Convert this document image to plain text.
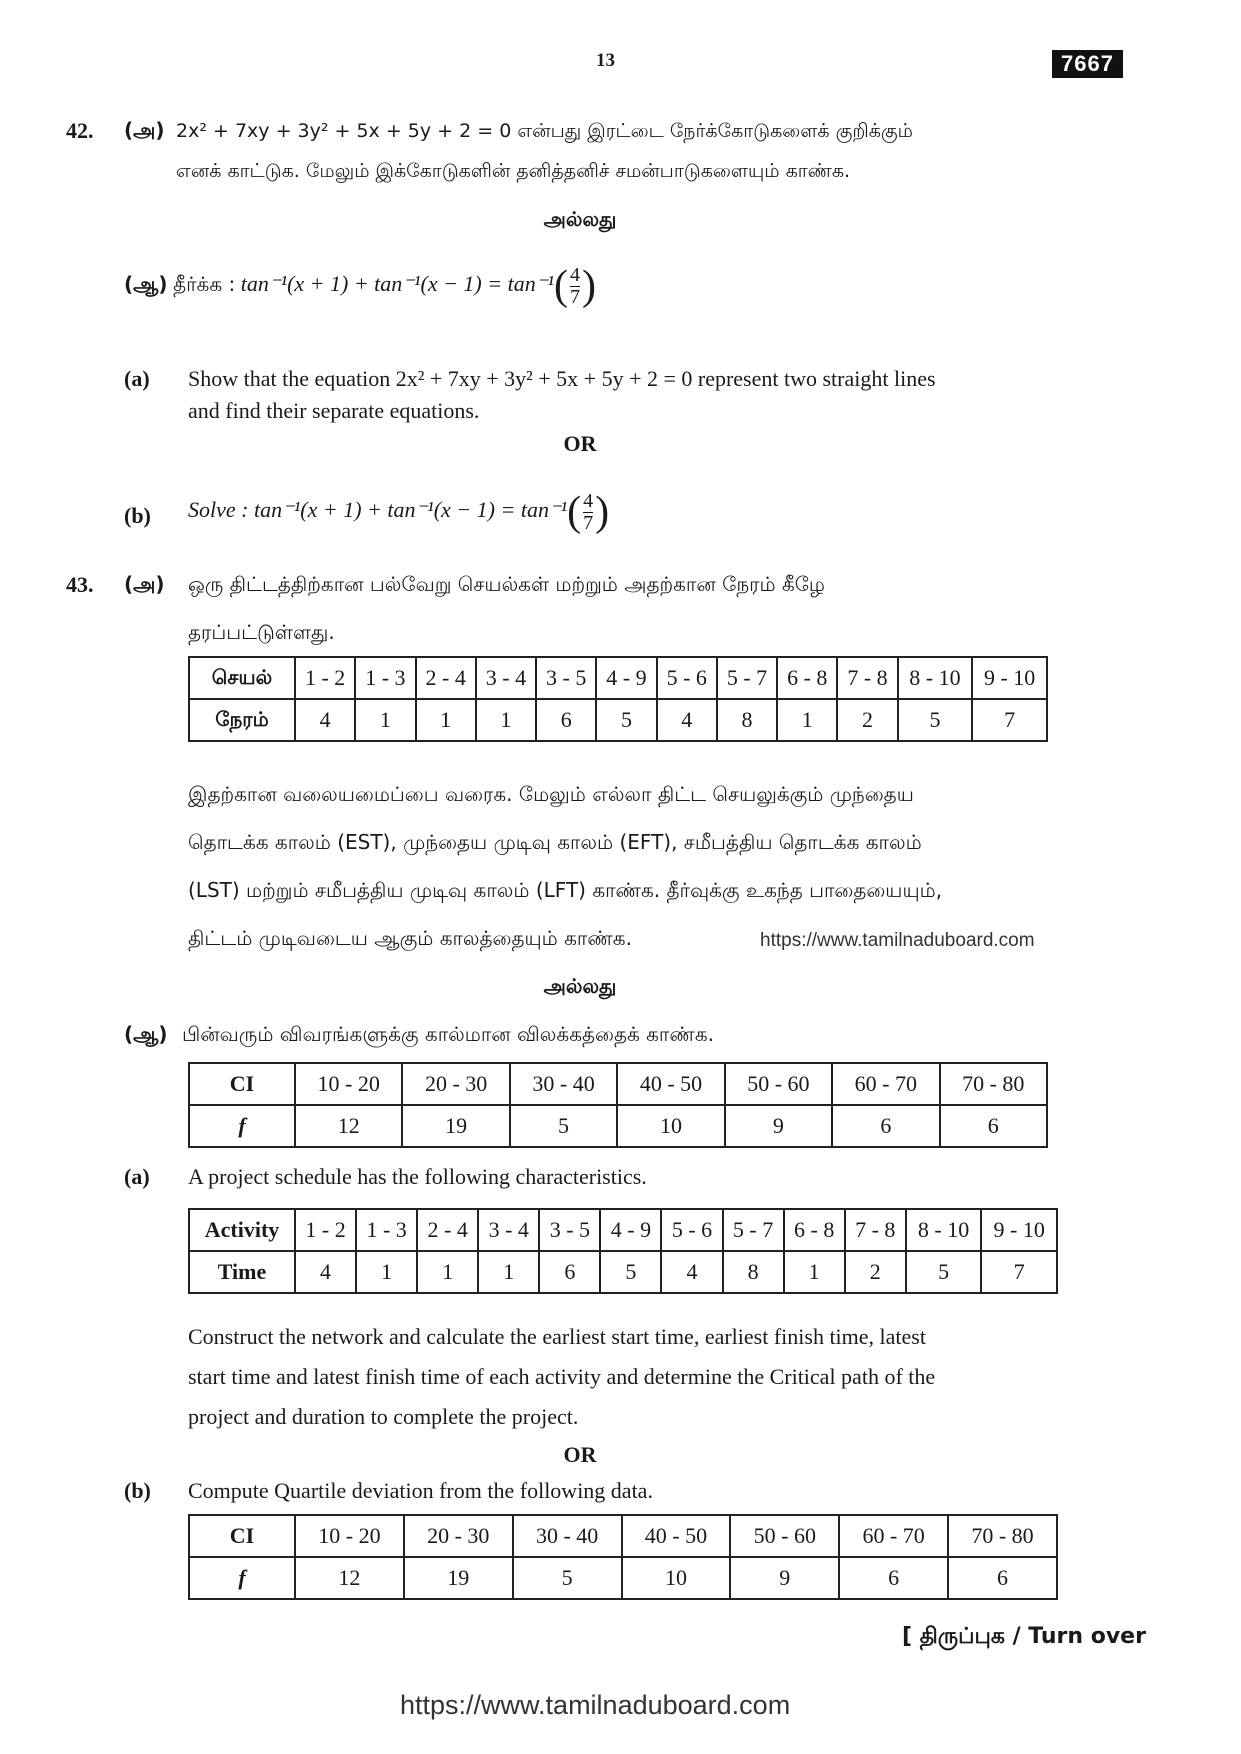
13	7667
42. (அ) 2x² + 7xy + 3y² + 5x + 5y + 2 = 0 என்பது இரட்டை நேர்க்கோடுகளைக் குறிக்கும்
எனக் காட்டுக. மேலும் இக்கோடுகளின் தனித்தனிச் சமன்பாடுகளையும் காண்க.
அல்லது
(ஆ) தீர்க்க : $\tan^{-1}(x + 1) + \tan^{-1}(x - 1) = \tan^{-1}( \frac{4}{7}$ )
(a) Show that the equation 2x² + 7xy + 3y² + 5x + 5y + 2 = 0 represent two straight lines
and find their separate equations.
OR
(b) Solve : $\tan^{-1}(x + 1) + \tan^{-1}(x - 1) = \tan^{-1}( \frac{4}{7}$ )
43. (அ) ஒரு திட்டத்திற்கான பல்வேறு செயல்கள் மற்றும் அதற்கான நேரம் கீழே
தரப்பட்டுள்ளது.
செயல்	1 - 2	1 - 3	2 - 4	3 - 4	3 - 5	4 - 9	5 - 6	5 - 7	6 - 8	7 - 8	8 - 10	9 - 10
நேரம்	4	1	1	1	6	5	4	8	1	2	5	7
இதற்கான வலையமைப்பை வரைக. மேலும் எல்லா திட்ட செயலுக்கும் முந்தைய
தொடக்க காலம் (EST), முந்தைய முடிவு காலம் (EFT), சமீபத்திய தொடக்க காலம்
(LST) மற்றும் சமீபத்திய முடிவு காலம் (LFT) காண்க. தீர்வுக்கு உகந்த பாதையையும்,
திட்டம் முடிவடைய ஆகும் காலத்தையும் காண்க.	https://www.tamilnaduboard.com
அல்லது
(ஆ) பின்வரும் விவரங்களுக்கு கால்மான விலக்கத்தைக் காண்க.
CI	10 - 20	20 - 30	30 - 40	40 - 50	50 - 60	60 - 70	70 - 80
f	12	19	5	10	9	6	6
(a) A project schedule has the following characteristics.
Activity	1 - 2	1 - 3	2 - 4	3 - 4	3 - 5	4 - 9	5 - 6	5 - 7	6 - 8	7 - 8	8 - 10	9 - 10
Time	4	1	1	1	6	5	4	8	1	2	5	7
Construct the network and calculate the earliest start time, earliest finish time, latest
start time and latest finish time of each activity and determine the Critical path of the
project and duration to complete the project.
OR
(b) Compute Quartile deviation from the following data.
CI	10 - 20	20 - 30	30 - 40	40 - 50	50 - 60	60 - 70	70 - 80
f	12	19	5	10	9	6	6
[ திருப்புக / Turn over
https://www.tamilnaduboard.com
